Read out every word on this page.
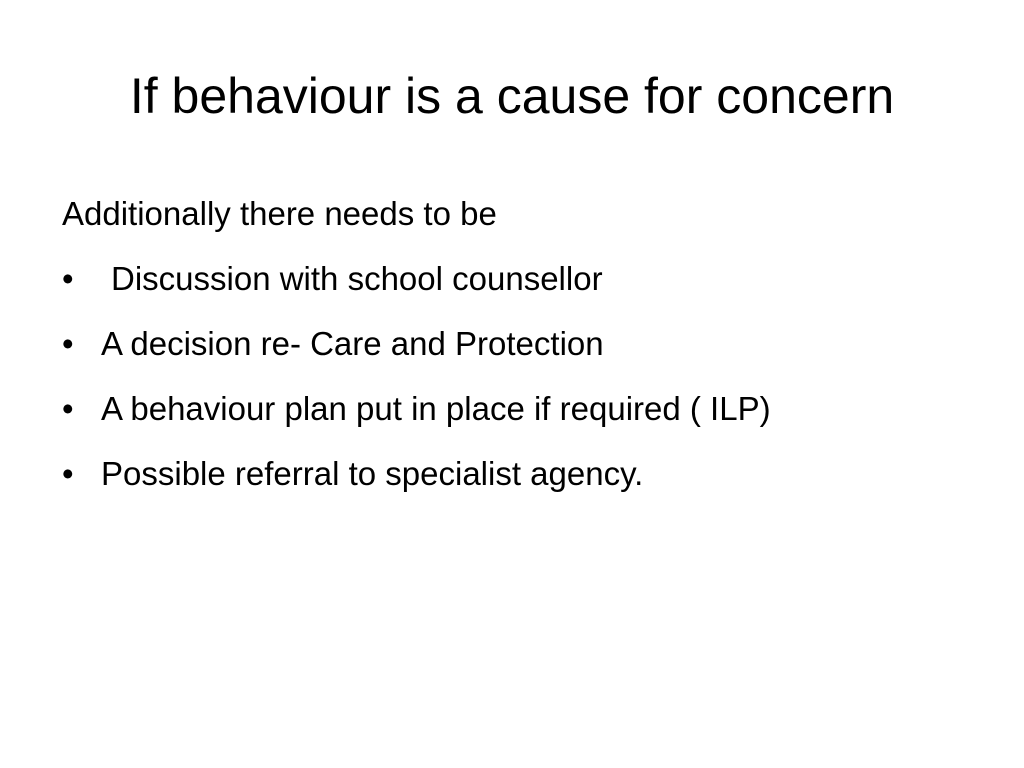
If behaviour is a cause for concern

Additionally there needs to be

• Discussion with school counsellor
• A decision re- Care and Protection
• A behaviour plan put in place if required ( ILP)
• Possible referral to specialist agency.
